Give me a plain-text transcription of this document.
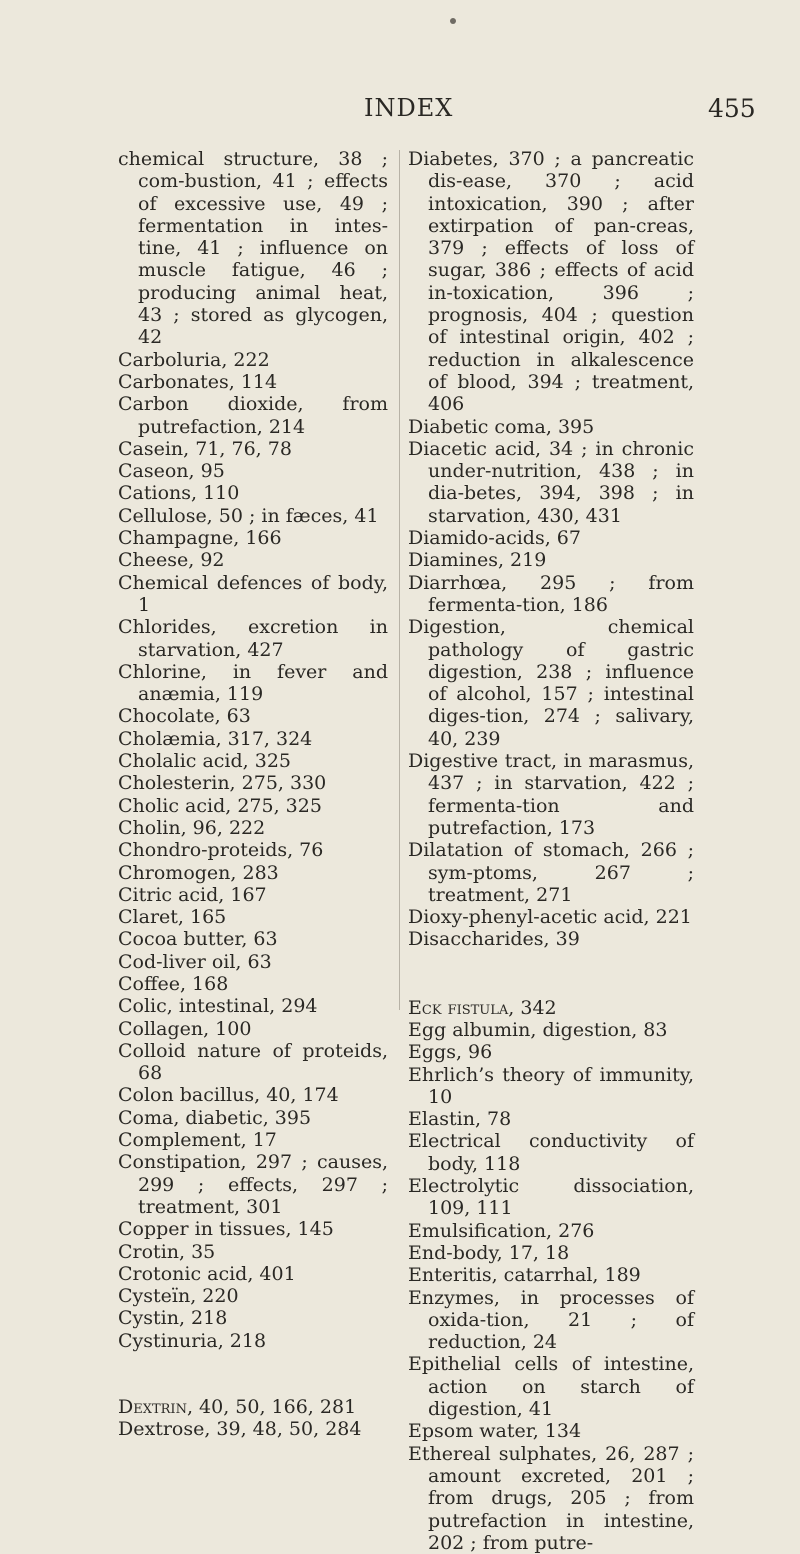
INDEX	455

chemical structure, 38 ; com-bustion, 41 ; effects of excessive use, 49 ; fermentation in intes-tine, 41 ; influence on muscle fatigue, 46 ; producing animal heat, 43 ; stored as glycogen, 42

Carboluria, 222

Carbonates, 114

Carbon dioxide, from putrefaction, 214

Casein, 71, 76, 78

Caseon, 95

Cations, 110

Cellulose, 50 ; in fæces, 41

Champagne, 166

Cheese, 92

Chemical defences of body, 1

Chlorides, excretion in starvation, 427

Chlorine, in fever and anæmia, 119

Chocolate, 63

Cholæmia, 317, 324

Cholalic acid, 325

Cholesterin, 275, 330

Cholic acid, 275, 325

Cholin, 96, 222

Chondro-proteids, 76

Chromogen, 283

Citric acid, 167

Claret, 165

Cocoa butter, 63

Cod-liver oil, 63

Coffee, 168

Colic, intestinal, 294

Collagen, 100

Colloid nature of proteids, 68

Colon bacillus, 40, 174

Coma, diabetic, 395

Complement, 17

Constipation, 297 ; causes, 299 ; effects, 297 ; treatment, 301

Copper in tissues, 145

Crotin, 35

Crotonic acid, 401

Cysteïn, 220

Cystin, 218

Cystinuria, 218

Dextrin, 40, 50, 166, 281

Dextrose, 39, 48, 50, 284

Diabetes, 370 ; a pancreatic dis-ease, 370 ; acid intoxication, 390 ; after extirpation of pan-creas, 379 ; effects of loss of sugar, 386 ; effects of acid in-toxication, 396 ; prognosis, 404 ; question of intestinal origin, 402 ; reduction in alkalescence of blood, 394 ; treatment, 406

Diabetic coma, 395

Diacetic acid, 34 ; in chronic under-nutrition, 438 ; in dia-betes, 394, 398 ; in starvation, 430, 431

Diamido-acids, 67

Diamines, 219

Diarrhœa, 295 ; from fermenta-tion, 186

Digestion, chemical pathology of gastric digestion, 238 ; influence of alcohol, 157 ; intestinal diges-tion, 274 ; salivary, 40, 239

Digestive tract, in marasmus, 437 ; in starvation, 422 ; fermenta-tion and putrefaction, 173

Dilatation of stomach, 266 ; sym-ptoms, 267 ; treatment, 271

Dioxy-phenyl-acetic acid, 221

Disaccharides, 39

Eck fistula, 342

Egg albumin, digestion, 83

Eggs, 96

Ehrlich’s theory of immunity, 10

Elastin, 78

Electrical conductivity of body, 118

Electrolytic dissociation, 109, 111

Emulsification, 276

End-body, 17, 18

Enteritis, catarrhal, 189

Enzymes, in processes of oxida-tion, 21 ; of reduction, 24

Epithelial cells of intestine, action on starch of digestion, 41

Epsom water, 134

Ethereal sulphates, 26, 287 ; amount excreted, 201 ; from drugs, 205 ; from putrefaction in intestine, 202 ; from putre-
